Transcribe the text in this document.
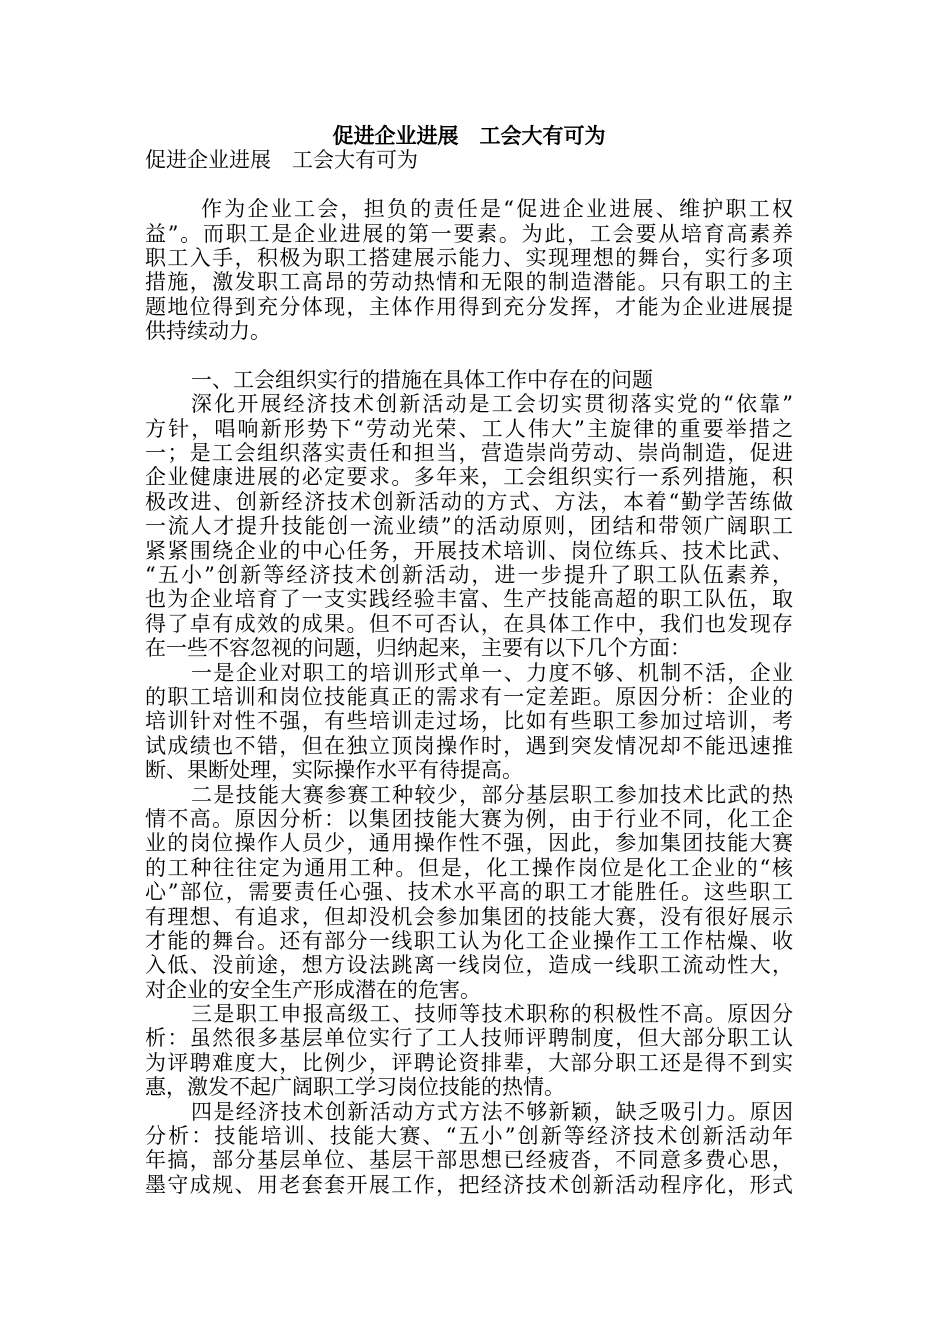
促进企业进展　工会大有可为
促进企业进展　工会大有可为
作为企业工会，担负的责任是“促进企业进展、维护职工权
益”。而职工是企业进展的第一要素。为此，工会要从培育高素养
职工入手，积极为职工搭建展示能力、实现理想的舞台，实行多项
措施，激发职工高昂的劳动热情和无限的制造潜能。只有职工的主
题地位得到充分体现，主体作用得到充分发挥，才能为企业进展提
供持续动力。
一、工会组织实行的措施在具体工作中存在的问题
深化开展经济技术创新活动是工会切实贯彻落实党的“依靠”
方针，唱响新形势下“劳动光荣、工人伟大”主旋律的重要举措之
一；是工会组织落实责任和担当，营造崇尚劳动、崇尚制造，促进
企业健康进展的必定要求。多年来，工会组织实行一系列措施，积
极改进、创新经济技术创新活动的方式、方法，本着“勤学苦练做
一流人才提升技能创一流业绩”的活动原则，团结和带领广阔职工
紧紧围绕企业的中心任务，开展技术培训、岗位练兵、技术比武、
“五小”创新等经济技术创新活动，进一步提升了职工队伍素养，
也为企业培育了一支实践经验丰富、生产技能高超的职工队伍，取
得了卓有成效的成果。但不可否认，在具体工作中，我们也发现存
在一些不容忽视的问题，归纳起来，主要有以下几个方面：
一是企业对职工的培训形式单一、力度不够、机制不活，企业
的职工培训和岗位技能真正的需求有一定差距。原因分析：企业的
培训针对性不强，有些培训走过场，比如有些职工参加过培训，考
试成绩也不错，但在独立顶岗操作时，遇到突发情况却不能迅速推
断、果断处理，实际操作水平有待提高。
二是技能大赛参赛工种较少，部分基层职工参加技术比武的热
情不高。原因分析：以集团技能大赛为例，由于行业不同，化工企
业的岗位操作人员少，通用操作性不强，因此，参加集团技能大赛
的工种往往定为通用工种。但是，化工操作岗位是化工企业的“核
心”部位，需要责任心强、技术水平高的职工才能胜任。这些职工
有理想、有追求，但却没机会参加集团的技能大赛，没有很好展示
才能的舞台。还有部分一线职工认为化工企业操作工工作枯燥、收
入低、没前途，想方设法跳离一线岗位，造成一线职工流动性大，
对企业的安全生产形成潜在的危害。
三是职工申报高级工、技师等技术职称的积极性不高。原因分
析：虽然很多基层单位实行了工人技师评聘制度，但大部分职工认
为评聘难度大，比例少，评聘论资排辈，大部分职工还是得不到实
惠，激发不起广阔职工学习岗位技能的热情。
四是经济技术创新活动方式方法不够新颖，缺乏吸引力。原因
分析：技能培训、技能大赛、“五小”创新等经济技术创新活动年
年搞，部分基层单位、基层干部思想已经疲沓，不同意多费心思，
墨守成规、用老套套开展工作，把经济技术创新活动程序化，形式
